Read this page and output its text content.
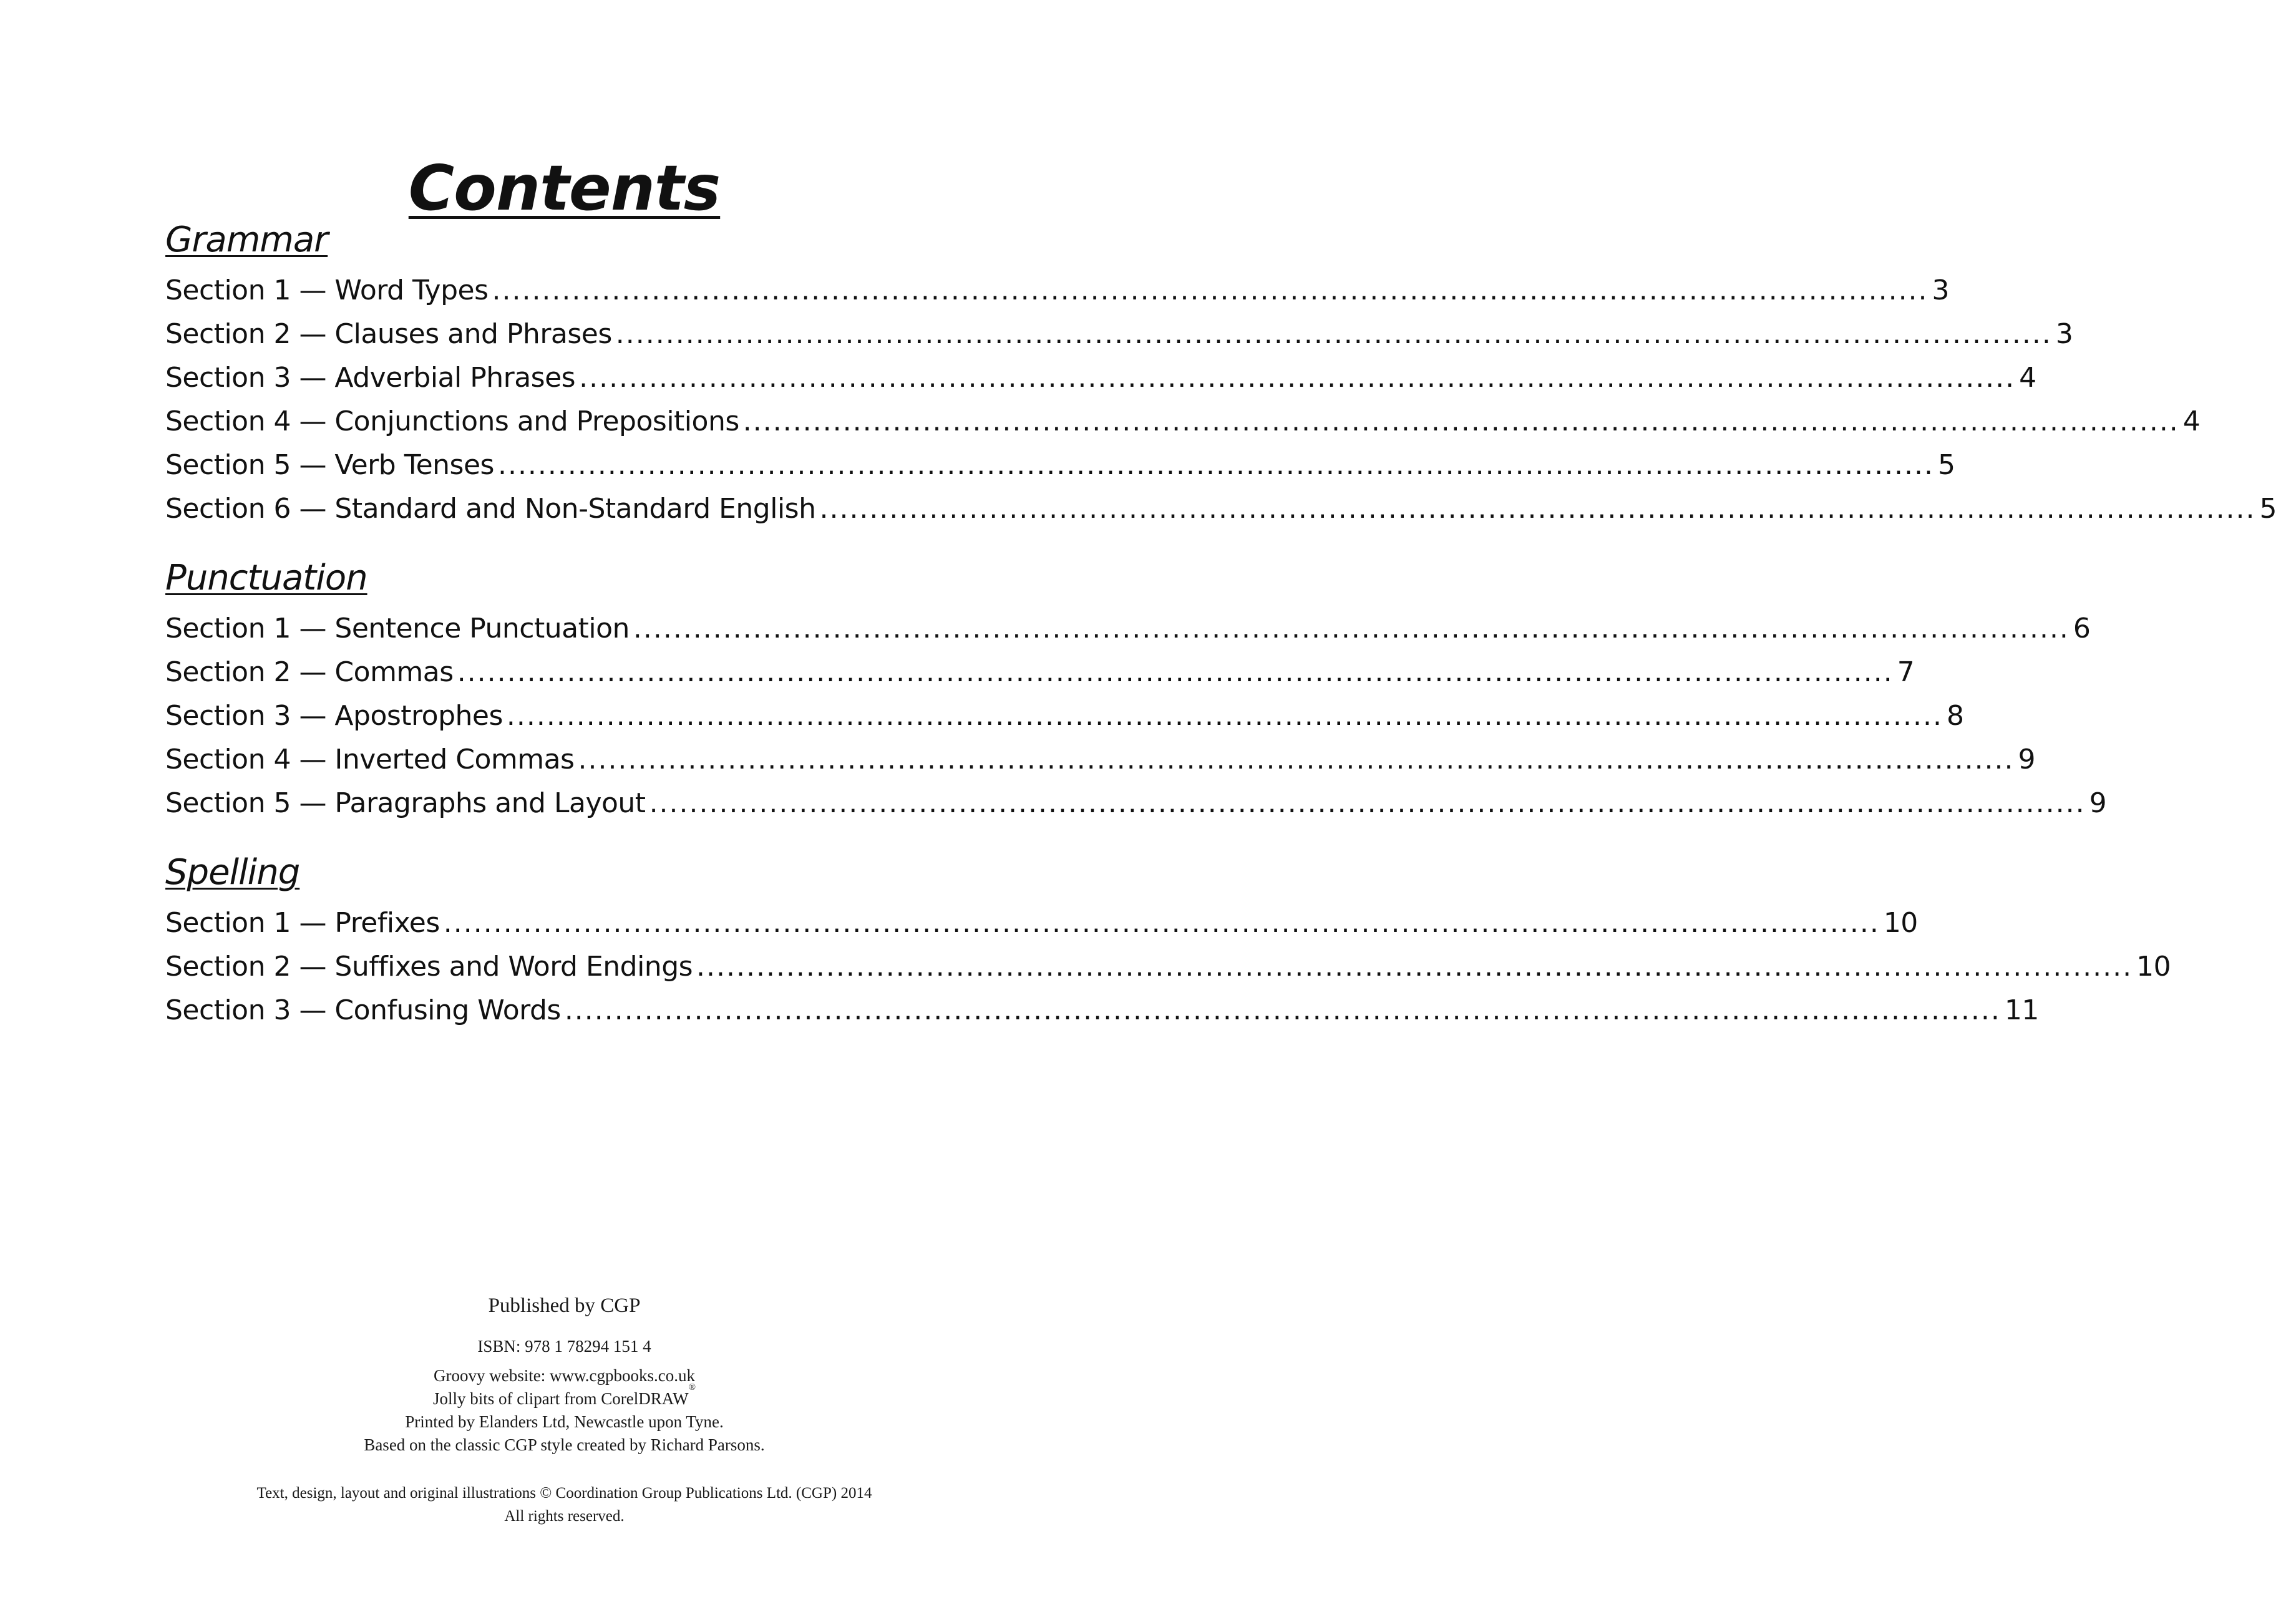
Contents
Grammar
Section 1 — Word Types ................................................................................................................................................ 3
Section 2 — Clauses and Phrases ................................................................................................................................................ 3
Section 3 — Adverbial Phrases ................................................................................................................................................ 4
Section 4 — Conjunctions and Prepositions ................................................................................................................................................ 4
Section 5 — Verb Tenses ................................................................................................................................................ 5
Section 6 — Standard and Non-Standard English ................................................................................................................................................ 5
Punctuation
Section 1 — Sentence Punctuation ................................................................................................................................................ 6
Section 2 — Commas ................................................................................................................................................ 7
Section 3 — Apostrophes ................................................................................................................................................ 8
Section 4 — Inverted Commas ................................................................................................................................................ 9
Section 5 — Paragraphs and Layout ................................................................................................................................................ 9
Spelling
Section 1 — Prefixes ................................................................................................................................................ 10
Section 2 — Suffixes and Word Endings ................................................................................................................................................ 10
Section 3 — Confusing Words ................................................................................................................................................ 11
Published by CGP
ISBN: 978 1 78294 151 4
Groovy website: www.cgpbooks.co.uk
Jolly bits of clipart from CorelDRAW®
Printed by Elanders Ltd, Newcastle upon Tyne.
Based on the classic CGP style created by Richard Parsons.
Text, design, layout and original illustrations © Coordination Group Publications Ltd. (CGP) 2014
All rights reserved.
